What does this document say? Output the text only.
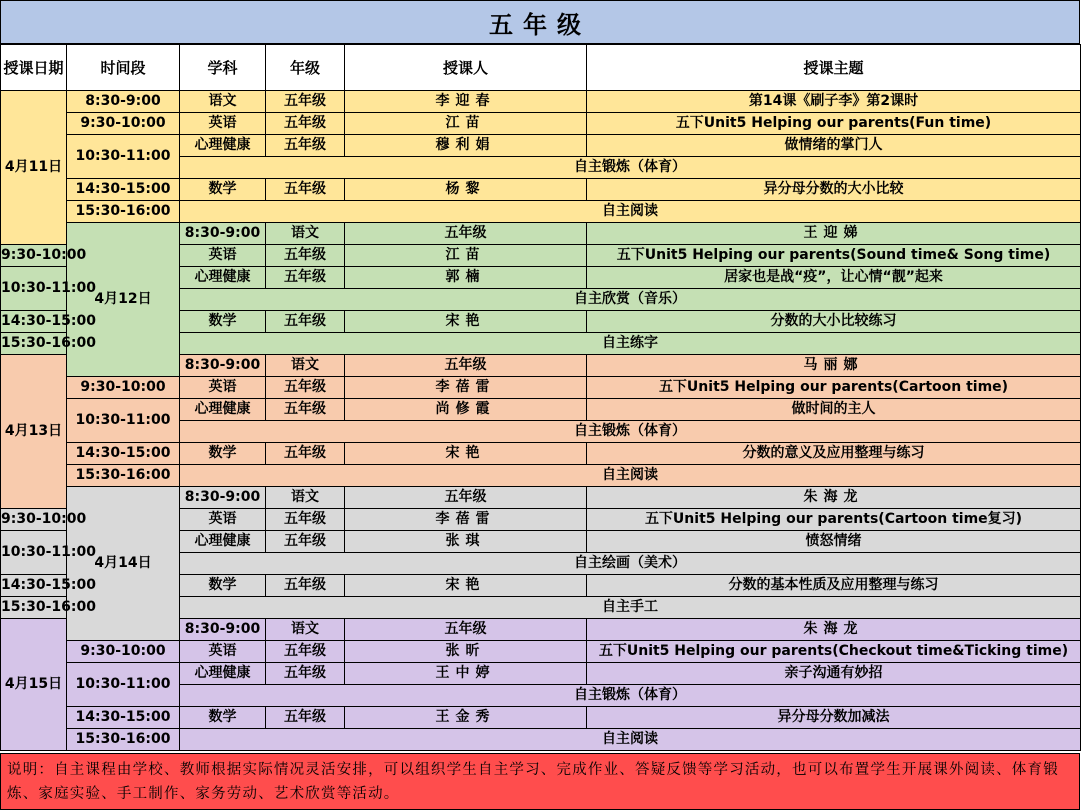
五年级
授课日期	时间段	学科	年级	授课人	授课主题	
4月11日	8:30-9:00	语文	五年级	李迎春	第14课《刷子李》第2课时	
	9:30-10:00	英语	五年级	江苗	五下Unit5 Helping our parents(Fun time)	
	10:30-11:00	心理健康	五年级	穆利娟	做情绪的掌门人	
		自主锻炼（体育）				
	14:30-15:00	数学	五年级	杨黎	异分母分数的大小比较	
	15:30-16:00	自主阅读				
	4月12日	8:30-9:00	语文	五年级	王迎娣	
9:30-10:00		英语	五年级	江苗	五下Unit5 Helping our parents(Sound time& Song time)	
10:30-11:00		心理健康	五年级	郭楠	居家也是战“疫”，让心情“靓”起来	
		自主欣赏（音乐）				
14:30-15:00		数学	五年级	宋艳	分数的大小比较练习	
15:30-16:00		自主练字				
4月13日		8:30-9:00	语文	五年级	马丽娜	
	9:30-10:00	英语	五年级	李蓓雷	五下Unit5 Helping our parents(Cartoon time)	
	10:30-11:00	心理健康	五年级	尚修霞	做时间的主人	
		自主锻炼（体育）				
	14:30-15:00	数学	五年级	宋艳	分数的意义及应用整理与练习	
	15:30-16:00	自主阅读				
	4月14日	8:30-9:00	语文	五年级	朱海龙	
9:30-10:00		英语	五年级	李蓓雷	五下Unit5 Helping our parents(Cartoon time复习)	
10:30-11:00		心理健康	五年级	张琪	愤怒情绪	
		自主绘画（美术）				
14:30-15:00		数学	五年级	宋艳	分数的基本性质及应用整理与练习	
15:30-16:00		自主手工				
4月15日		8:30-9:00	语文	五年级	朱海龙	
	9:30-10:00	英语	五年级	张昕	五下Unit5 Helping our parents(Checkout time&Ticking time)	
	10:30-11:00	心理健康	五年级	王中婷	亲子沟通有妙招	
		自主锻炼（体育）				
	14:30-15:00	数学	五年级	王金秀	异分母分数加减法	
	15:30-16:00	自主阅读				
说明：自主课程由学校、教师根据实际情况灵活安排，可以组织学生自主学习、完成作业、答疑反馈等学习活动，也可以布置学生开展课外阅读、体育锻炼、家庭实验、手工制作、家务劳动、艺术欣赏等活动。
